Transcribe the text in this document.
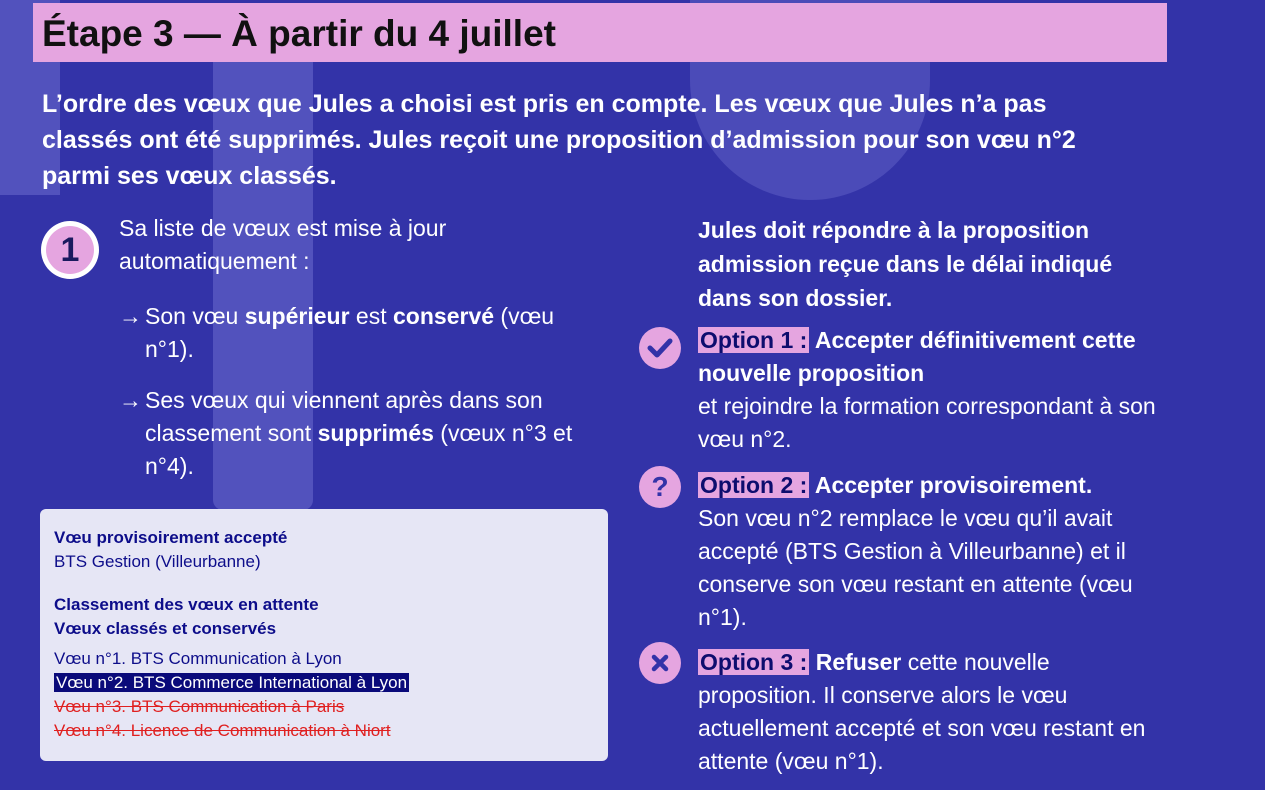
Étape 3 — À partir du 4 juillet

L’ordre des vœux que Jules a choisi est pris en compte. Les vœux que Jules n’a pas classés ont été supprimés. Jules reçoit une proposition d’admission pour son vœu n°2 parmi ses vœux classés.

1

Sa liste de vœux est mise à jour automatiquement :

→ Son vœu supérieur est conservé (vœu n°1).
→ Ses vœux qui viennent après dans son classement sont supprimés (vœux n°3 et n°4).
Vœu provisoirement accepté
BTS Gestion (Villeurbanne)
Classement des vœux en attente
Vœux classés et conservés
Vœu n°1. BTS Communication à Lyon
Vœu n°2. BTS Commerce International à Lyon
Vœu n°3. BTS Communication à Paris
Vœu n°4. Licence de Communication à Niort

Jules doit répondre à la proposition admission reçue dans le délai indiqué dans son dossier.

Option 1 : Accepter définitivement cette nouvelle proposition
et rejoindre la formation correspondant à son vœu n°2.
? Option 2 : Accepter provisoirement.
Son vœu n°2 remplace le vœu qu’il avait accepté (BTS Gestion à Villeurbanne) et il conserve son vœu restant en attente (vœu n°1).
Option 3 : Refuser cette nouvelle proposition. Il conserve alors le vœu actuellement accepté et son vœu restant en attente (vœu n°1).
